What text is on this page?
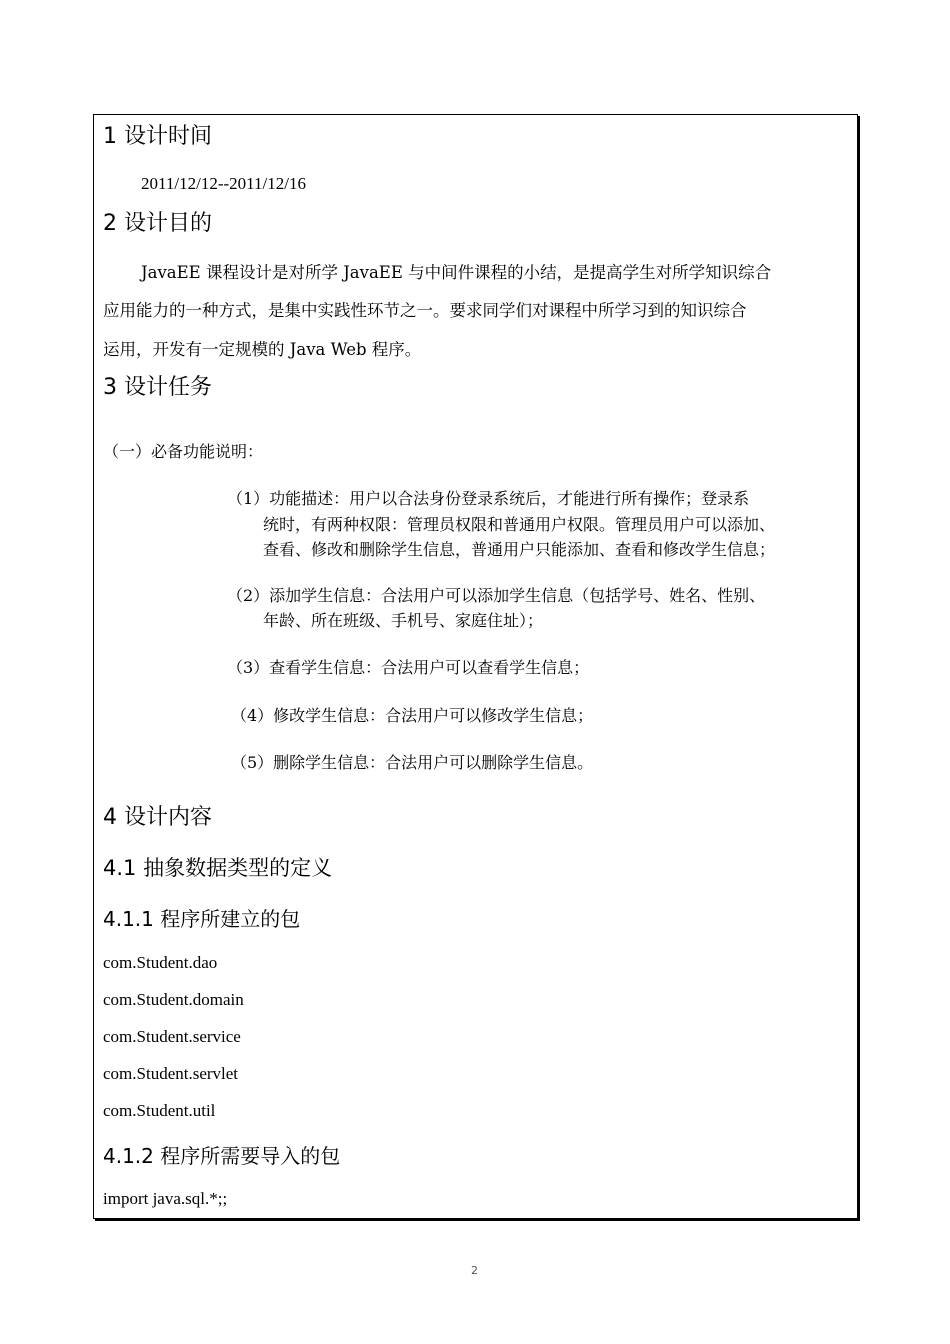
1 设计时间
2011/12/12--2011/12/16
2 设计目的
JavaEE 课程设计是对所学 JavaEE 与中间件课程的小结，是提高学生对所学知识综合
应用能力的一种方式，是集中实践性环节之一。要求同学们对课程中所学习到的知识综合
运用，开发有一定规模的 Java Web 程序。
3 设计任务
（一）必备功能说明：
（1）功能描述：用户以合法身份登录系统后，才能进行所有操作；登录系
统时，有两种权限：管理员权限和普通用户权限。管理员用户可以添加、
查看、修改和删除学生信息，普通用户只能添加、查看和修改学生信息；
（2）添加学生信息：合法用户可以添加学生信息（包括学号、姓名、性别、
年龄、所在班级、手机号、家庭住址）；
（3）查看学生信息：合法用户可以查看学生信息；
（4）修改学生信息：合法用户可以修改学生信息；
（5）删除学生信息：合法用户可以删除学生信息。
4 设计内容
4.1 抽象数据类型的定义
4.1.1 程序所建立的包
com.Student.dao
com.Student.domain
com.Student.service
com.Student.servlet
com.Student.util
4.1.2 程序所需要导入的包
import java.sql.*;;
2
